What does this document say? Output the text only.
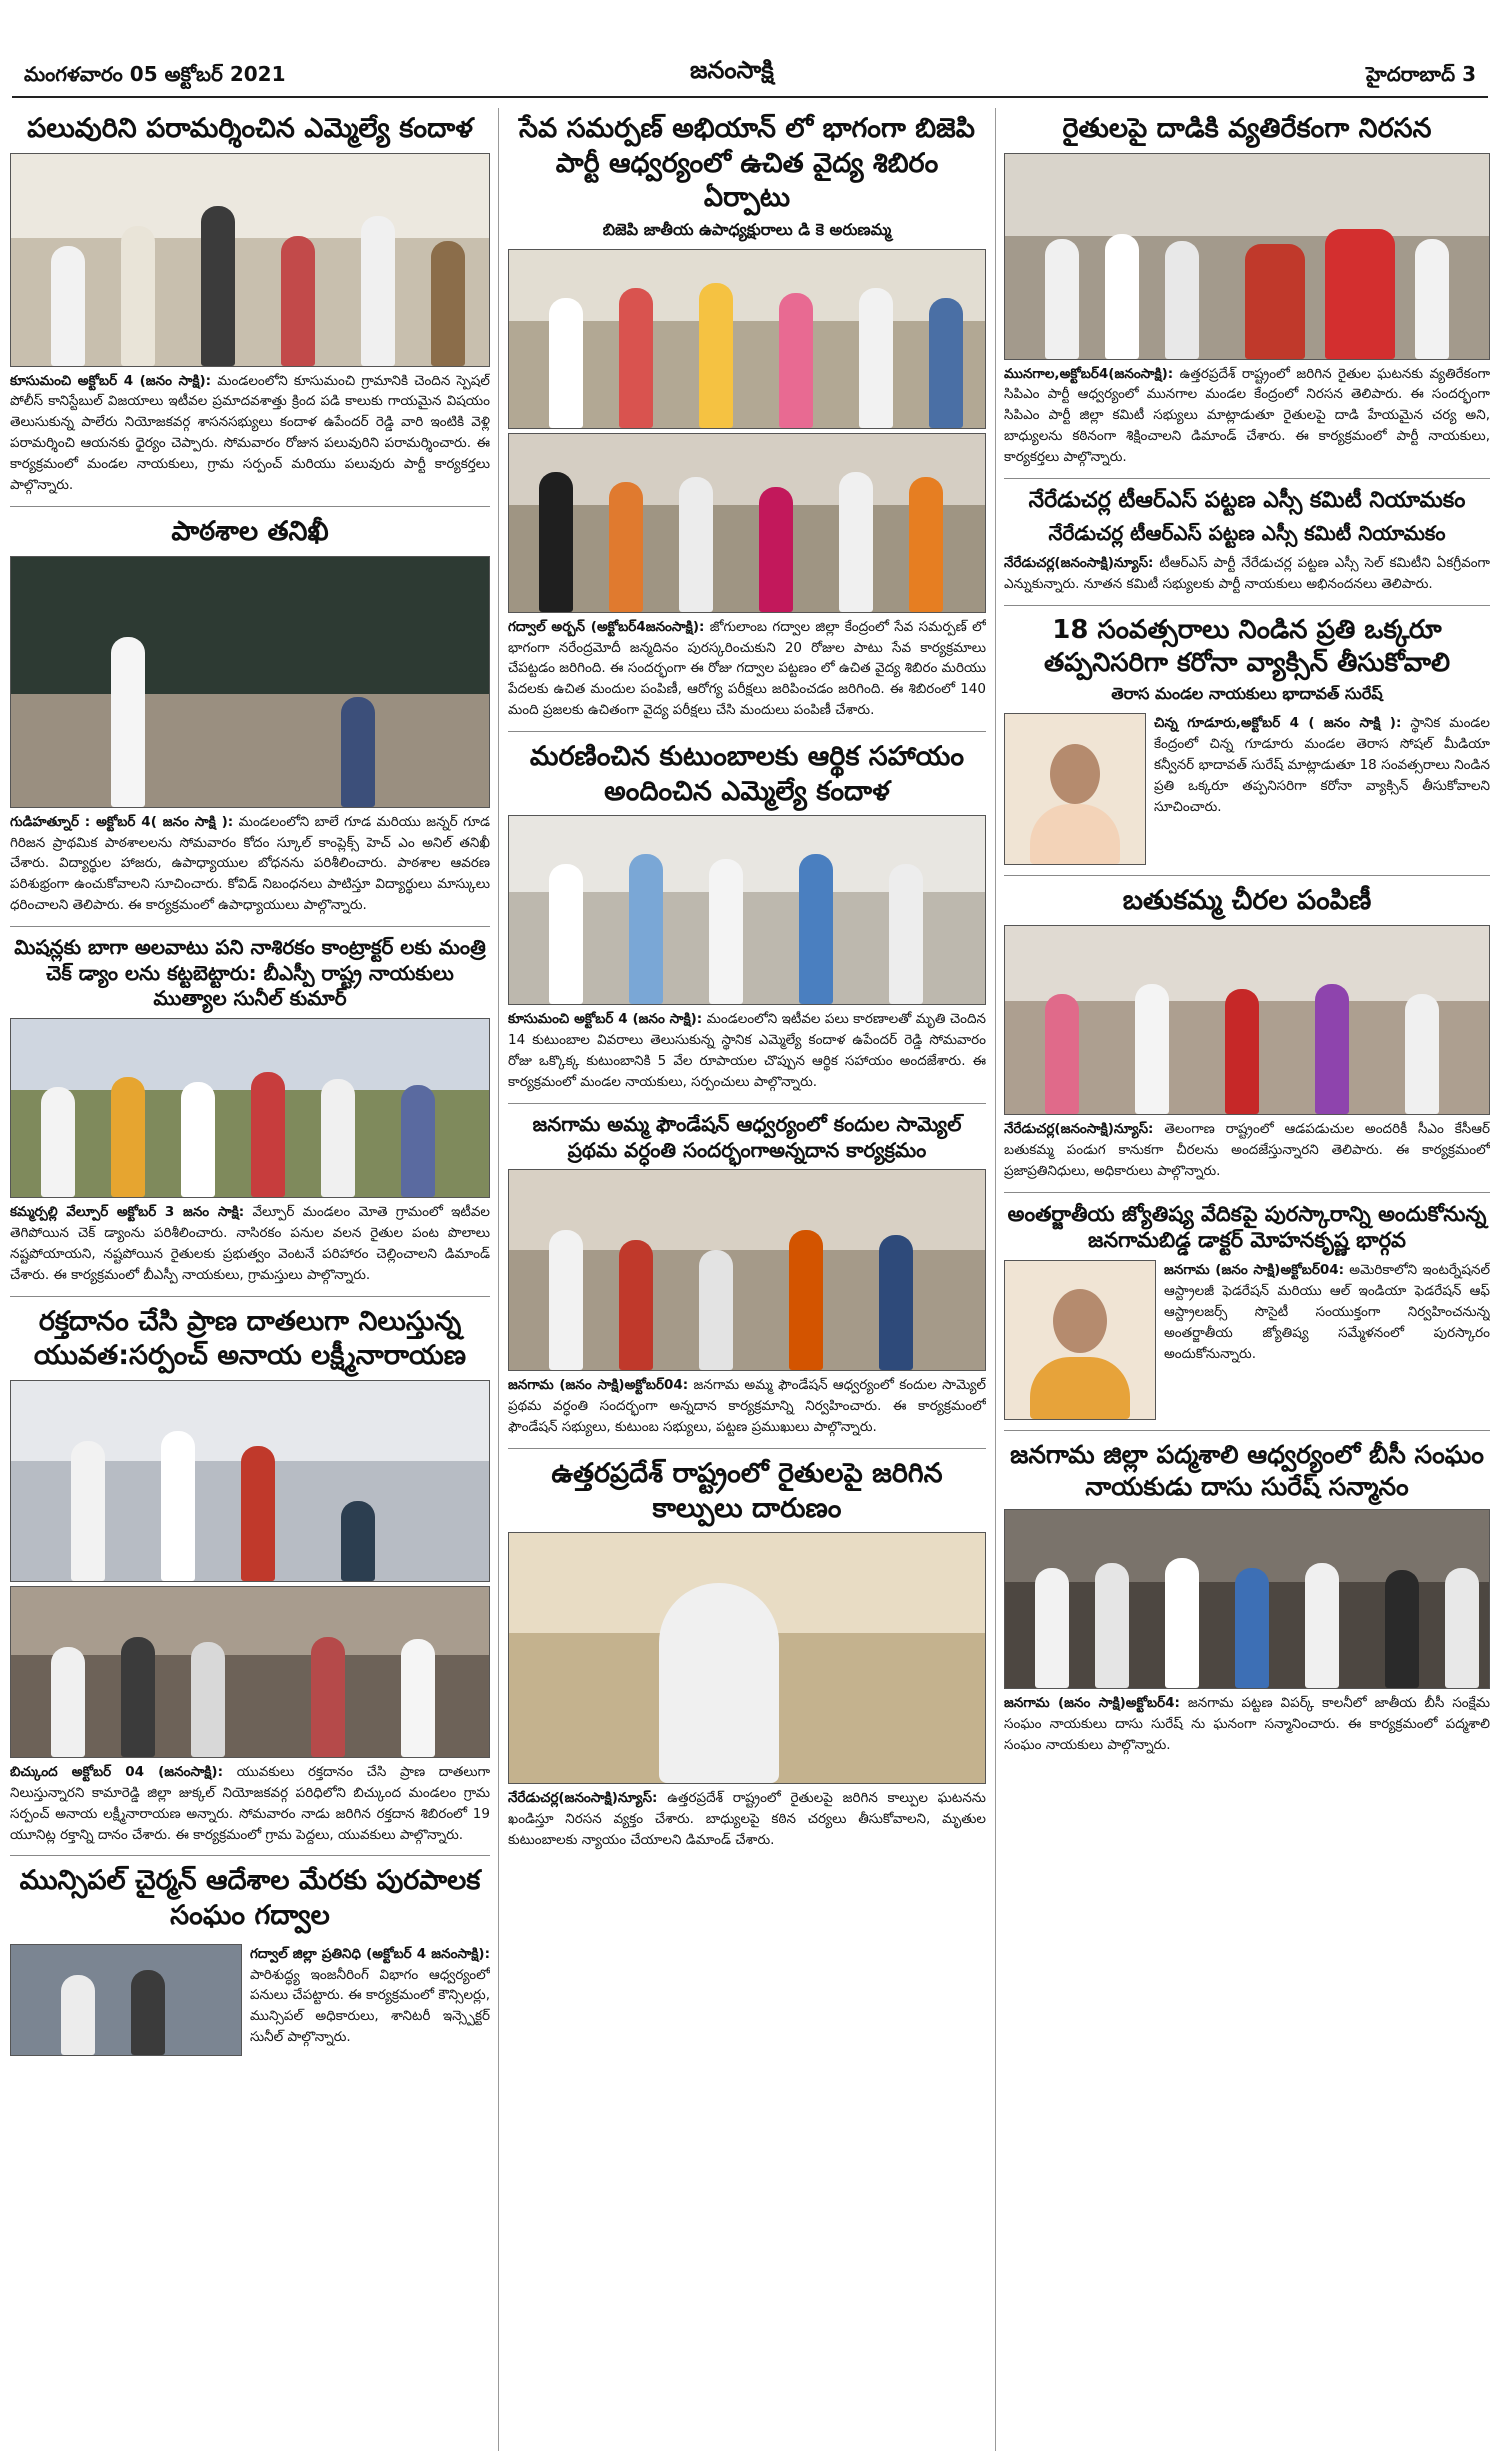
మంగళవారం 05 అక్టోబర్ 2021	జనంసాక్షి	హైదరాబాద్ 3
పలువురిని పరామర్శించిన ఎమ్మెల్యే కందాళ
కూసుమంచి అక్టోబర్ 4 (జనం సాక్షి): మండలంలోని కూసుమంచి గ్రామానికి చెందిన స్పెషల్ పోలీస్ కానిస్టేబుల్ విజయాలు ఇటీవల ప్రమాదవశాత్తు క్రింద పడి కాలుకు గాయమైన విషయం తెలుసుకున్న పాలేరు నియోజకవర్గ శాసనసభ్యులు కందాళ ఉపేందర్ రెడ్డి వారి ఇంటికి వెళ్లి పరామర్శించి ఆయనకు ధైర్యం చెప్పారు. సోమవారం రోజున పలువురిని పరామర్శించారు. ఈ కార్యక్రమంలో మండల నాయకులు, గ్రామ సర్పంచ్ మరియు పలువురు పార్టీ కార్యకర్తలు పాల్గొన్నారు.
పాఠశాల తనిఖీ
గుడిహత్నూర్ : అక్టోబర్ 4( జనం సాక్షి ): మండలంలోని బాలే గూడ మరియు జన్నర్ గూడ గిరిజన ప్రాథమిక పాఠశాలలను సోమవారం కోదం స్కూల్ కాంప్లెక్స్ హెచ్ ఎం అనిల్ తనిఖీ చేశారు. విద్యార్థుల హాజరు, ఉపాధ్యాయుల బోధనను పరిశీలించారు. పాఠశాల ఆవరణ పరిశుభ్రంగా ఉంచుకోవాలని సూచించారు. కోవిడ్ నిబంధనలు పాటిస్తూ విద్యార్థులు మాస్కులు ధరించాలని తెలిపారు. ఈ కార్యక్రమంలో ఉపాధ్యాయులు పాల్గొన్నారు.
మిషన్లకు బాగా అలవాటు పని నాశిరకం కాంట్రాక్టర్ లకు మంత్రి చెక్ డ్యాం లను కట్టబెట్టారు: బీఎస్పీ రాష్ట్ర నాయకులు ముత్యాల సునీల్ కుమార్
కమ్మర్పల్లి వేల్పూర్ అక్టోబర్ 3 జనం సాక్షి: వేల్పూర్ మండలం మోతె గ్రామంలో ఇటీవల తెగిపోయిన చెక్ డ్యాంను పరిశీలించారు. నాసిరకం పనుల వలన రైతుల పంట పొలాలు నష్టపోయాయని, నష్టపోయిన రైతులకు ప్రభుత్వం వెంటనే పరిహారం చెల్లించాలని డిమాండ్ చేశారు. ఈ కార్యక్రమంలో బీఎస్పీ నాయకులు, గ్రామస్తులు పాల్గొన్నారు.
రక్తదానం చేసి ప్రాణ దాతలుగా నిలుస్తున్న యువత:సర్పంచ్ అనాయ లక్ష్మీనారాయణ
బిచ్కుంద అక్టోబర్ 04 (జనంసాక్షి): యువకులు రక్తదానం చేసి ప్రాణ దాతలుగా నిలుస్తున్నారని కామారెడ్డి జిల్లా జుక్కల్ నియోజకవర్గ పరిధిలోని బిచ్కుంద మండలం గ్రామ సర్పంచ్ అనాయ లక్ష్మీనారాయణ అన్నారు. సోమవారం నాడు జరిగిన రక్తదాన శిబిరంలో 19 యూనిట్ల రక్తాన్ని దానం చేశారు. ఈ కార్యక్రమంలో గ్రామ పెద్దలు, యువకులు పాల్గొన్నారు.
మున్సిపల్ చైర్మన్ ఆదేశాల మేరకు పురపాలక సంఘం గద్వాల
గద్వాల్ జిల్లా ప్రతినిధి (అక్టోబర్ 4 జనంసాక్షి): పారిశుద్ధ్య ఇంజనీరింగ్ విభాగం ఆధ్వర్యంలో పనులు చేపట్టారు. ఈ కార్యక్రమంలో కౌన్సిలర్లు, మున్సిపల్ అధికారులు, శానిటరీ ఇన్స్పెక్టర్ సునీల్ పాల్గొన్నారు.
సేవ సమర్పణ్ అభియాన్ లో భాగంగా బిజెపి పార్టీ ఆధ్వర్యంలో ఉచిత వైద్య శిబిరం ఏర్పాటు
బిజెపి జాతీయ ఉపాధ్యక్షురాలు డి కె అరుణమ్మ
గద్వాల్ అర్బన్ (అక్టోబర్4జనంసాక్షి): జోగులాంబ గద్వాల జిల్లా కేంద్రంలో సేవ సమర్పణ్ లో భాగంగా నరేంద్రమోదీ జన్మదినం పురస్కరించుకుని 20 రోజుల పాటు సేవ కార్యక్రమాలు చేపట్టడం జరిగింది. ఈ సందర్భంగా ఈ రోజు గద్వాల పట్టణం లో ఉచిత వైద్య శిబిరం మరియు పేదలకు ఉచిత మందుల పంపిణీ, ఆరోగ్య పరీక్షలు జరిపించడం జరిగింది. ఈ శిబిరంలో 140 మంది ప్రజలకు ఉచితంగా వైద్య పరీక్షలు చేసి మందులు పంపిణీ చేశారు.
మరణించిన కుటుంబాలకు ఆర్థిక సహాయం అందించిన ఎమ్మెల్యే కందాళ
కూసుమంచి అక్టోబర్ 4 (జనం సాక్షి): మండలంలోని ఇటీవల పలు కారణాలతో మృతి చెందిన 14 కుటుంబాల వివరాలు తెలుసుకున్న స్థానిక ఎమ్మెల్యే కందాళ ఉపేందర్ రెడ్డి సోమవారం రోజు ఒక్కొక్క కుటుంబానికి 5 వేల రూపాయల చొప్పున ఆర్థిక సహాయం అందజేశారు. ఈ కార్యక్రమంలో మండల నాయకులు, సర్పంచులు పాల్గొన్నారు.
జనగామ అమ్మ ఫౌండేషన్ ఆధ్వర్యంలో కందుల సామ్యెల్ ప్రథమ వర్ధంతి సందర్భంగాఅన్నదాన కార్యక్రమం
జనగామ (జనం సాక్షి)అక్టోబర్04: జనగామ అమ్మ ఫౌండేషన్ ఆధ్వర్యంలో కందుల సామ్యెల్ ప్రథమ వర్ధంతి సందర్భంగా అన్నదాన కార్యక్రమాన్ని నిర్వహించారు. ఈ కార్యక్రమంలో ఫౌండేషన్ సభ్యులు, కుటుంబ సభ్యులు, పట్టణ ప్రముఖులు పాల్గొన్నారు.
ఉత్తరప్రదేశ్ రాష్ట్రంలో రైతులపై జరిగిన కాల్పులు దారుణం
నేరేడుచర్ల(జనంసాక్షి)న్యూస్: ఉత్తరప్రదేశ్ రాష్ట్రంలో రైతులపై జరిగిన కాల్పుల ఘటనను ఖండిస్తూ నిరసన వ్యక్తం చేశారు. బాధ్యులపై కఠిన చర్యలు తీసుకోవాలని, మృతుల కుటుంబాలకు న్యాయం చేయాలని డిమాండ్ చేశారు.
రైతులపై దాడికి వ్యతిరేకంగా నిరసన
మునగాల,అక్టోబర్4(జనంసాక్షి): ఉత్తరప్రదేశ్ రాష్ట్రంలో జరిగిన రైతుల ఘటనకు వ్యతిరేకంగా సిపిఎం పార్టీ ఆధ్వర్యంలో మునగాల మండల కేంద్రంలో నిరసన తెలిపారు. ఈ సందర్భంగా సిపిఎం పార్టీ జిల్లా కమిటీ సభ్యులు మాట్లాడుతూ రైతులపై దాడి హేయమైన చర్య అని, బాధ్యులను కఠినంగా శిక్షించాలని డిమాండ్ చేశారు. ఈ కార్యక్రమంలో పార్టీ నాయకులు, కార్యకర్తలు పాల్గొన్నారు.
నేరేడుచర్ల టీఆర్ఎస్ పట్టణ ఎస్సీ కమిటీ నియామకం
నేరేడుచర్ల టీఆర్ఎస్ పట్టణ ఎస్సీ కమిటీ నియామకం
నేరేడుచర్ల(జనంసాక్షి)న్యూస్: టీఆర్ఎస్ పార్టీ నేరేడుచర్ల పట్టణ ఎస్సీ సెల్ కమిటీని ఏకగ్రీవంగా ఎన్నుకున్నారు. నూతన కమిటీ సభ్యులకు పార్టీ నాయకులు అభినందనలు తెలిపారు.
18 సంవత్సరాలు నిండిన ప్రతి ఒక్కరూ తప్పనిసరిగా కరోనా వ్యాక్సిన్ తీసుకోవాలి
తెరాస మండల నాయకులు భాదావత్ సురేష్
చిన్న గూడూరు,అక్టోబర్ 4 ( జనం సాక్షి ): స్థానిక మండల కేంద్రంలో చిన్న గూడూరు మండల తెరాస సోషల్ మీడియా కన్వీనర్ భాదావత్ సురేష్ మాట్లాడుతూ 18 సంవత్సరాలు నిండిన ప్రతి ఒక్కరూ తప్పనిసరిగా కరోనా వ్యాక్సిన్ తీసుకోవాలని సూచించారు.
బతుకమ్మ చీరల పంపిణీ
నేరేడుచర్ల(జనంసాక్షి)న్యూస్: తెలంగాణ రాష్ట్రంలో ఆడపడుచుల అందరికీ సీఎం కేసీఆర్ బతుకమ్మ పండుగ కానుకగా చీరలను అందజేస్తున్నారని తెలిపారు. ఈ కార్యక్రమంలో ప్రజాప్రతినిధులు, అధికారులు పాల్గొన్నారు.
అంతర్జాతీయ జ్యోతిష్య వేదికపై పురస్కారాన్ని అందుకోనున్న జనగామబిడ్డ డాక్టర్ మోహనకృష్ణ భార్గవ
జనగామ (జనం సాక్షి)అక్టోబర్04: అమెరికాలోని ఇంటర్నేషనల్ ఆస్ట్రాలజీ ఫెడరేషన్ మరియు ఆల్ ఇండియా ఫెడరేషన్ ఆఫ్ ఆస్ట్రాలజర్స్ సొసైటీ సంయుక్తంగా నిర్వహించనున్న అంతర్జాతీయ జ్యోతిష్య సమ్మేళనంలో పురస్కారం అందుకోనున్నారు.
జనగామ జిల్లా పద్మశాలి ఆధ్వర్యంలో బీసీ సంఘం నాయకుడు దాసు సురేష్ సన్మానం
జనగామ (జనం సాక్షి)అక్టోబర్4: జనగామ పట్టణ విపర్క్ కాలనీలో జాతీయ బీసీ సంక్షేమ సంఘం నాయకులు దాసు సురేష్ ను ఘనంగా సన్మానించారు. ఈ కార్యక్రమంలో పద్మశాలి సంఘం నాయకులు పాల్గొన్నారు.
